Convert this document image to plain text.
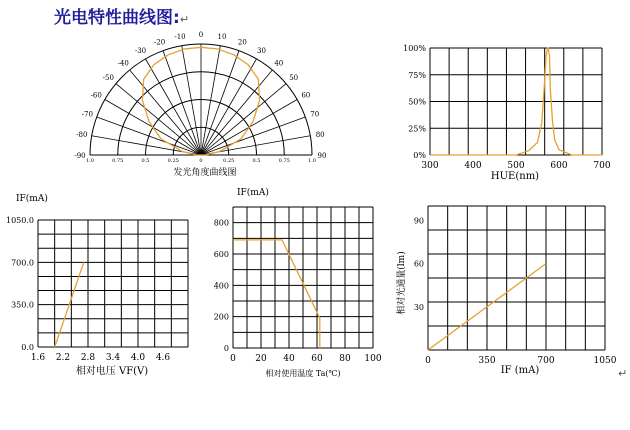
光电特性曲线图:↵
↵
-90
-80
-70
-60
-50
-40
-30
-20
-10 0 10
20
30
40
50
60
70
80
90
1.0	0.75	0.5	0.25	0	0.25	0.5	0.75	1.0
发光角度曲线图
300	400	500	600	700
0%
25%
50%
75%
100%
HUE(nm)
1.6 2.2 2.8 3.4 4.0 4.6
0.0
350.0
700.0
1050.0
相对电压 VF(V)
IF(mA)
0 20 40 60 80 100
0
200
400
600
800
相对使用温度 Ta(℃)
IF(mA)
0	350	700	1050
30
60
90
IF (mA)
相对光通量(lm)
